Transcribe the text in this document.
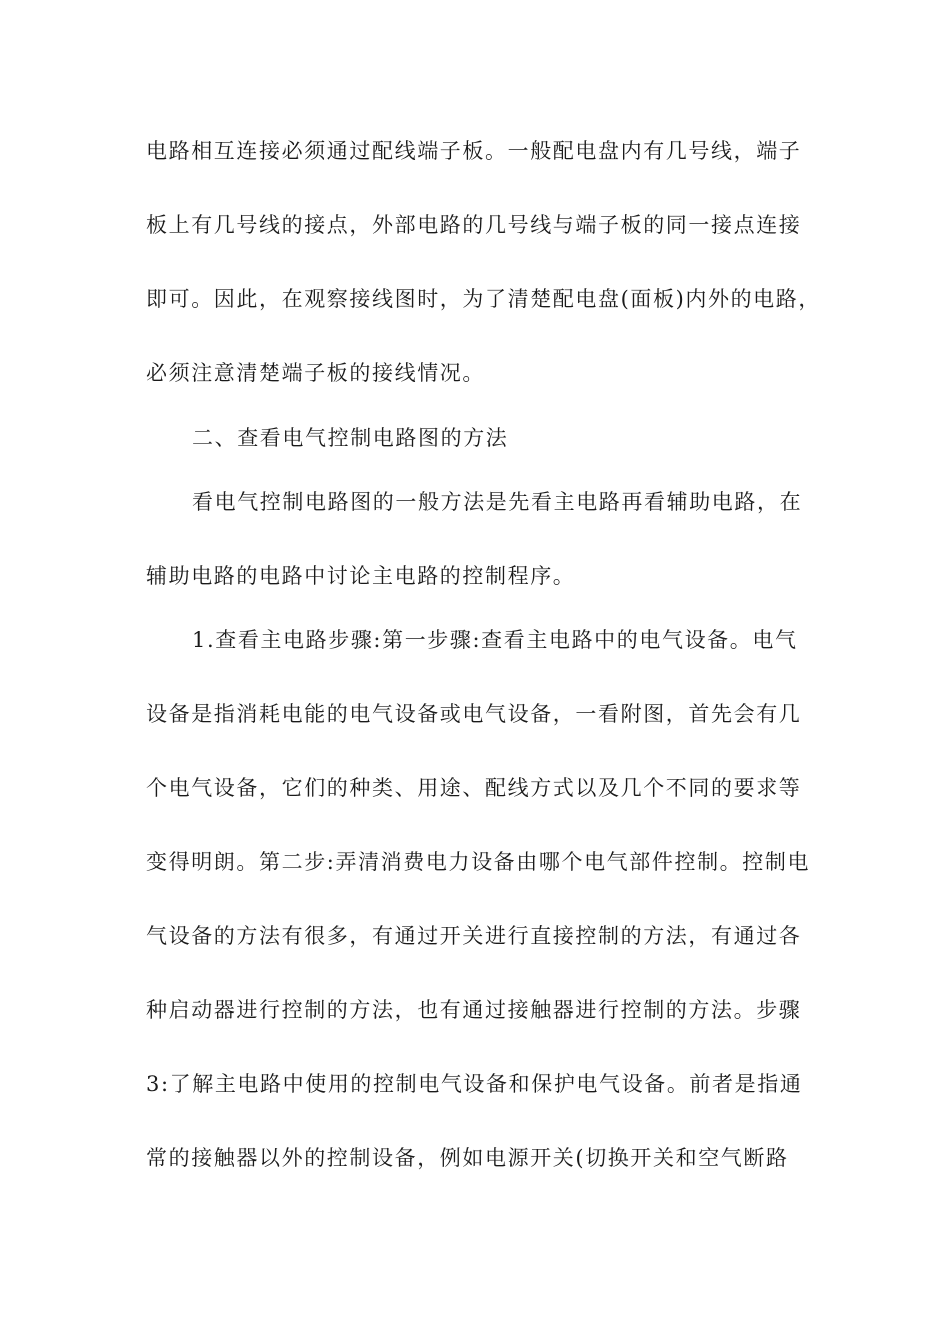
电路相互连接必须通过配线端子板。一般配电盘内有几号线，端子
板上有几号线的接点，外部电路的几号线与端子板的同一接点连接
即可。因此，在观察接线图时，为了清楚配电盘(面板)内外的电路，
必须注意清楚端子板的接线情况。
二、查看电气控制电路图的方法
看电气控制电路图的一般方法是先看主电路再看辅助电路，在
辅助电路的电路中讨论主电路的控制程序。
1.查看主电路步骤:第一步骤:查看主电路中的电气设备。电气
设备是指消耗电能的电气设备或电气设备，一看附图，首先会有几
个电气设备，它们的种类、用途、配线方式以及几个不同的要求等
变得明朗。第二步:弄清消费电力设备由哪个电气部件控制。控制电
气设备的方法有很多，有通过开关进行直接控制的方法，有通过各
种启动器进行控制的方法，也有通过接触器进行控制的方法。步骤
3:了解主电路中使用的控制电气设备和保护电气设备。前者是指通
常的接触器以外的控制设备，例如电源开关(切换开关和空气断路
